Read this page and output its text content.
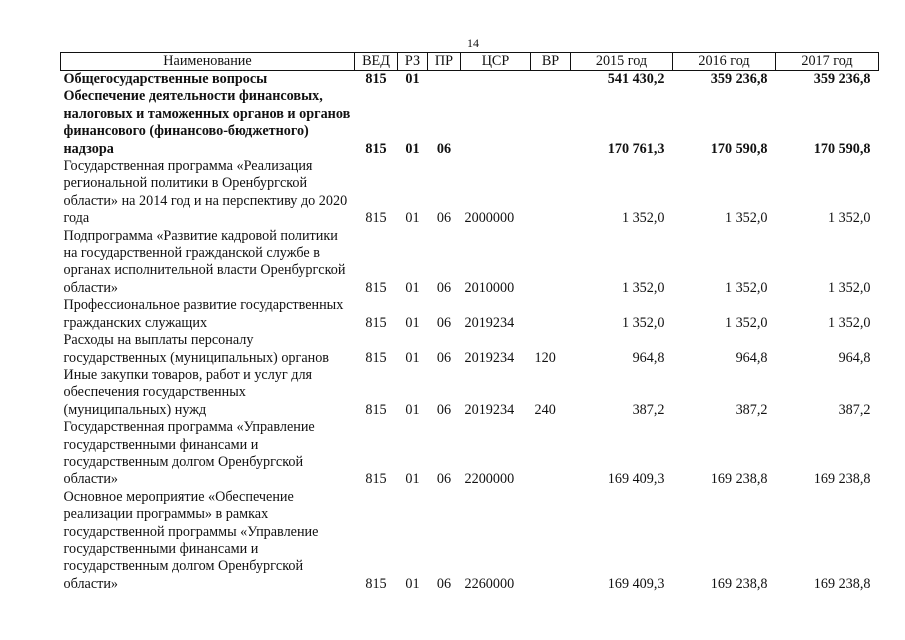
14
Наименование	ВЕД	РЗ	ПР	ЦСР	ВР	2015 год	2016 год	2017 год
Общегосударственные вопросы	815	01				541 430,2	359 236,8	359 236,8
Обеспечение деятельности финансовых, налоговых и таможенных органов и органов финансового (финансово-бюджетного) надзора	815	01	06			170 761,3	170 590,8	170 590,8
Государственная программа «Реализация региональной политики в Оренбургской области» на 2014 год и на перспективу до 2020 года	815	01	06	2000000		1 352,0	1 352,0	1 352,0
Подпрограмма «Развитие кадровой политики на государственной гражданской службе в органах исполнительной власти Оренбургской области»	815	01	06	2010000		1 352,0	1 352,0	1 352,0
Профессиональное развитие государственных гражданских служащих	815	01	06	2019234		1 352,0	1 352,0	1 352,0
Расходы на выплаты персоналу государственных (муниципальных) органов	815	01	06	2019234	120	964,8	964,8	964,8
Иные закупки товаров, работ и услуг для обеспечения государственных (муниципальных) нужд	815	01	06	2019234	240	387,2	387,2	387,2
Государственная программа «Управление государственными финансами и государственным долгом Оренбургской области»	815	01	06	2200000		169 409,3	169 238,8	169 238,8
Основное мероприятие «Обеспечение реализации программы» в рамках государственной программы «Управление государственными финансами и государственным долгом Оренбургской области»	815	01	06	2260000		169 409,3	169 238,8	169 238,8
